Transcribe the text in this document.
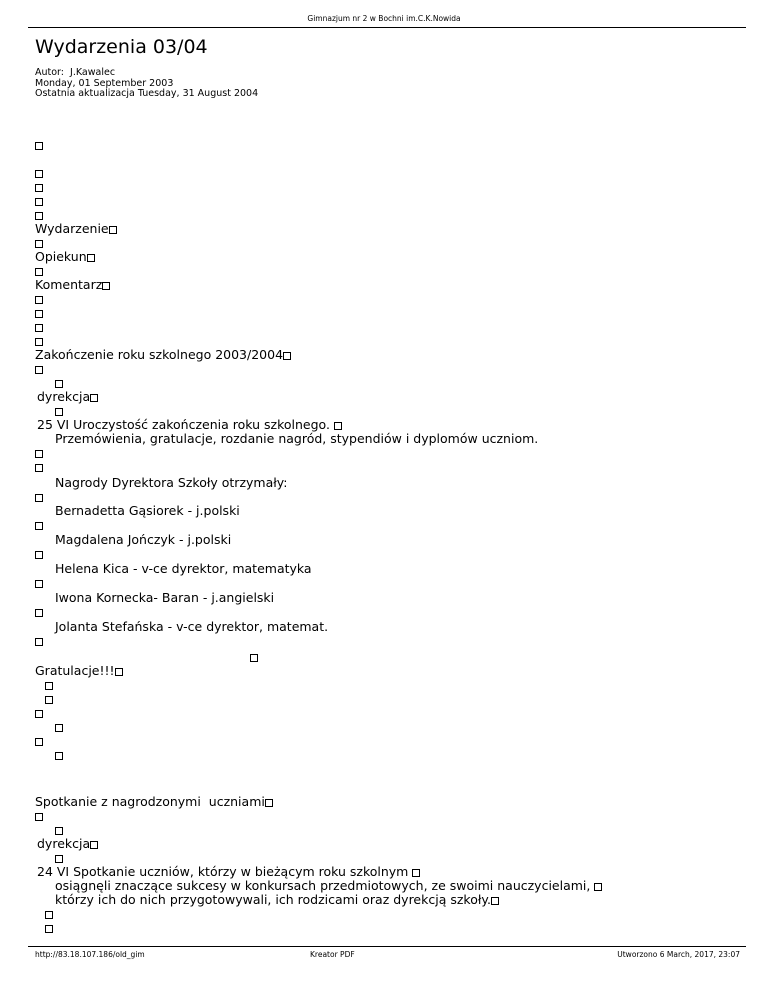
Gimnazjum nr 2 w Bochni im.C.K.Nowida
Wydarzenia 03/04
Autor:  J.Kawalec
Monday, 01 September 2003
Ostatnia aktualizacja Tuesday, 31 August 2004
Wydarzenie
Opiekun
Komentarz
Zakończenie roku szkolnego 2003/2004
dyrekcja
25 VI Uroczystość zakończenia roku szkolnego.
Przemówienia, gratulacje, rozdanie nagród, stypendiów i dyplomów uczniom.
Nagrody Dyrektora Szkoły otrzymały:
Bernadetta Gąsiorek - j.polski
Magdalena Jończyk - j.polski
Helena Kica - v-ce dyrektor, matematyka
Iwona Kornecka- Baran - j.angielski
Jolanta Stefańska - v-ce dyrektor, matemat.
Gratulacje!!!
Spotkanie z nagrodzonymi  uczniami
dyrekcja
24 VI Spotkanie uczniów, którzy w bieżącym roku szkolnym
osiągnęli znaczące sukcesy w konkursach przedmiotowych, ze swoimi nauczycielami,
którzy ich do nich przygotowywali, ich rodzicami oraz dyrekcją szkoły.
http://83.18.107.186/old_gim	Kreator PDF	Utworzono 6 March, 2017, 23:07
